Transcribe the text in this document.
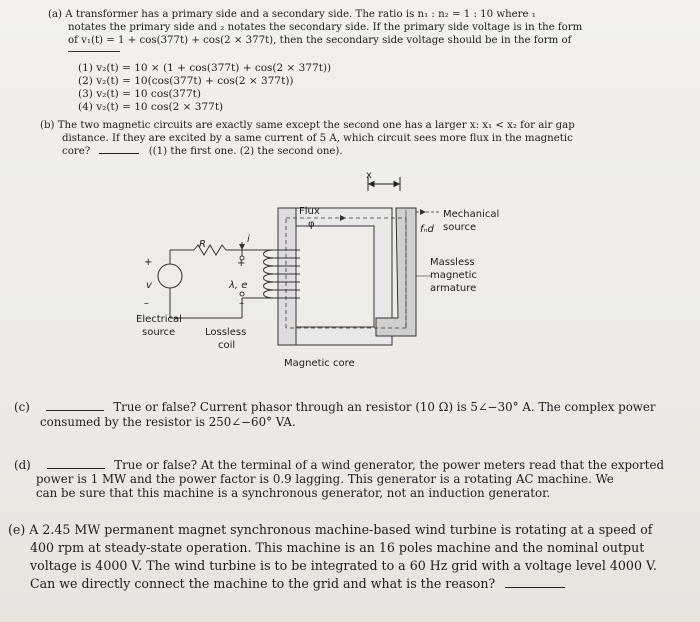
(a) A transformer has a primary side and a secondary side. The ratio is n₁ : n₂ = 1 : 10 where ₁
notates the primary side and ₂ notates the secondary side. If the primary side voltage is in the form
of v₁(t) = 1 + cos(377t) + cos(2 × 377t), then the secondary side voltage should be in the form of
(1) v₂(t) = 10 × (1 + cos(377t) + cos(2 × 377t))
(2) v₂(t) = 10(cos(377t) + cos(2 × 377t))
(3) v₂(t) = 10 cos(377t)
(4) v₂(t) = 10 cos(2 × 377t)
(b) The two magnetic circuits are exactly same except the second one has a larger x: x₁ < x₂ for air gap
distance. If they are excited by a same current of 5 A, which circuit sees more flux in the magnetic
core?	((1) the first one. (2) the second one).
x
Flux
φ
Mechanical
source
fₙd
R	i
+
v
–
+
λ, e
–
Massless
magnetic
armature
Electrical
source	Lossless
coil
Magnetic core
(c)	True or false? Current phasor through an resistor (10 Ω) is 5∠−30° A. The complex power
consumed by the resistor is 250∠−60° VA.
(d)	True or false? At the terminal of a wind generator, the power meters read that the exported
power is 1 MW and the power factor is 0.9 lagging. This generator is a rotating AC machine. We
can be sure that this machine is a synchronous generator, not an induction generator.
(e) A 2.45 MW permanent magnet synchronous machine-based wind turbine is rotating at a speed of
400 rpm at steady-state operation. This machine is an 16 poles machine and the nominal output
voltage is 4000 V. The wind turbine is to be integrated to a 60 Hz grid with a voltage level 4000 V.
Can we directly connect the machine to the grid and what is the reason?
